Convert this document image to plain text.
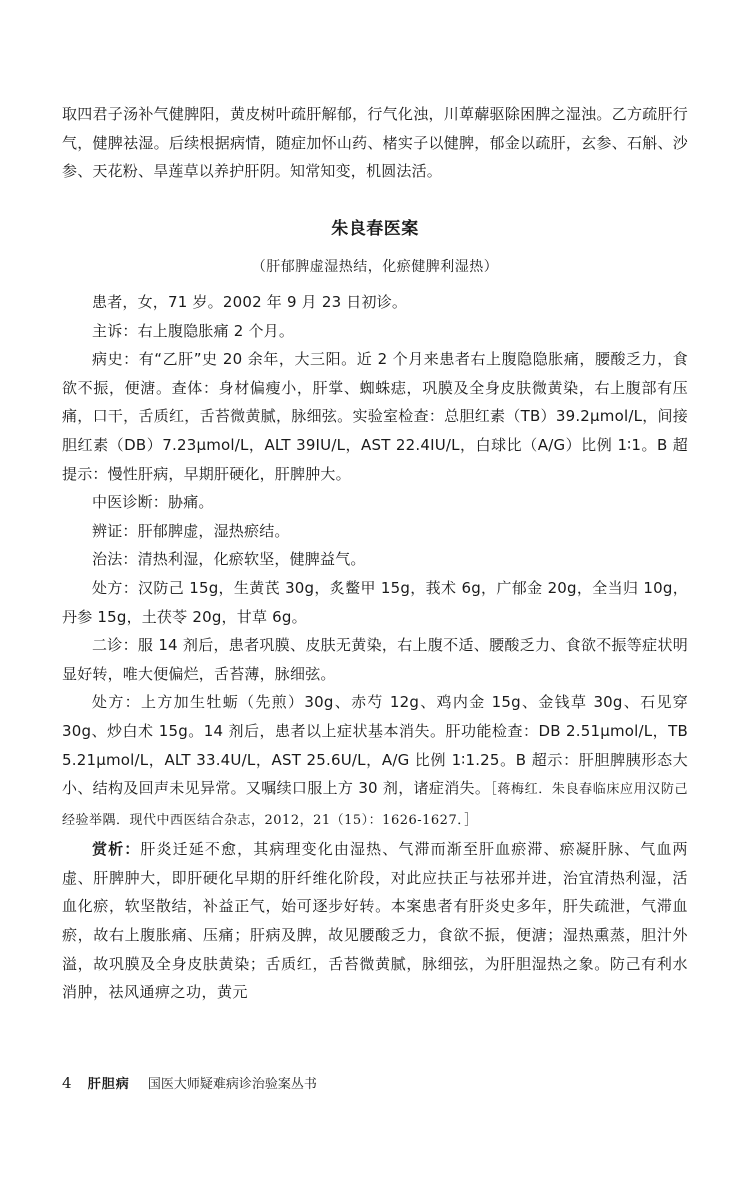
取四君子汤补气健脾阳，黄皮树叶疏肝解郁，行气化浊，川萆薢驱除困脾之湿浊。乙方疏肝行气，健脾祛湿。后续根据病情，随症加怀山药、楮实子以健脾，郁金以疏肝，玄参、石斛、沙参、天花粉、旱莲草以养护肝阴。知常知变，机圆法活。

朱良春医案

（肝郁脾虚湿热结，化瘀健脾利湿热）

患者，女，71 岁。2002 年 9 月 23 日初诊。

主诉：右上腹隐胀痛 2 个月。

病史：有“乙肝”史 20 余年，大三阳。近 2 个月来患者右上腹隐隐胀痛，腰酸乏力，食欲不振，便溏。查体：身材偏瘦小，肝掌、蜘蛛痣，巩膜及全身皮肤微黄染，右上腹部有压痛，口干，舌质红，舌苔微黄腻，脉细弦。实验室检查：总胆红素（TB）39.2μmol/L，间接胆红素（DB）7.23μmol/L，ALT 39IU/L，AST 22.4IU/L，白球比（A/G）比例 1∶1。B 超提示：慢性肝病，早期肝硬化，肝脾肿大。

中医诊断：胁痛。

辨证：肝郁脾虚，湿热瘀结。

治法：清热利湿，化瘀软坚，健脾益气。

处方：汉防己 15g，生黄芪 30g，炙鳖甲 15g，莪术 6g，广郁金 20g，全当归 10g，丹参 15g，土茯苓 20g，甘草 6g。

二诊：服 14 剂后，患者巩膜、皮肤无黄染，右上腹不适、腰酸乏力、食欲不振等症状明显好转，唯大便偏烂，舌苔薄，脉细弦。

处方：上方加生牡蛎（先煎）30g、赤芍 12g、鸡内金 15g、金钱草 30g、石见穿 30g、炒白术 15g。14 剂后，患者以上症状基本消失。肝功能检查：DB 2.51μmol/L，TB 5.21μmol/L，ALT 33.4U/L，AST 25.6U/L，A/G 比例 1∶1.25。B 超示：肝胆脾胰形态大小、结构及回声未见异常。又嘱续口服上方 30 剂，诸症消失。［蒋梅红．朱良春临床应用汉防己经验举隅．现代中西医结合杂志，2012，21（15）：1626-1627．］

赏析：肝炎迁延不愈，其病理变化由湿热、气滞而渐至肝血瘀滞、瘀凝肝脉、气血两虚、肝脾肿大，即肝硬化早期的肝纤维化阶段，对此应扶正与祛邪并进，治宜清热利湿，活血化瘀，软坚散结，补益正气，始可逐步好转。本案患者有肝炎史多年，肝失疏泄，气滞血瘀，故右上腹胀痛、压痛；肝病及脾，故见腰酸乏力，食欲不振，便溏；湿热熏蒸，胆汁外溢，故巩膜及全身皮肤黄染；舌质红，舌苔微黄腻，脉细弦，为肝胆湿热之象。防己有利水消肿，祛风通痹之功，黄元

4 肝胆病 国医大师疑难病诊治验案丛书
